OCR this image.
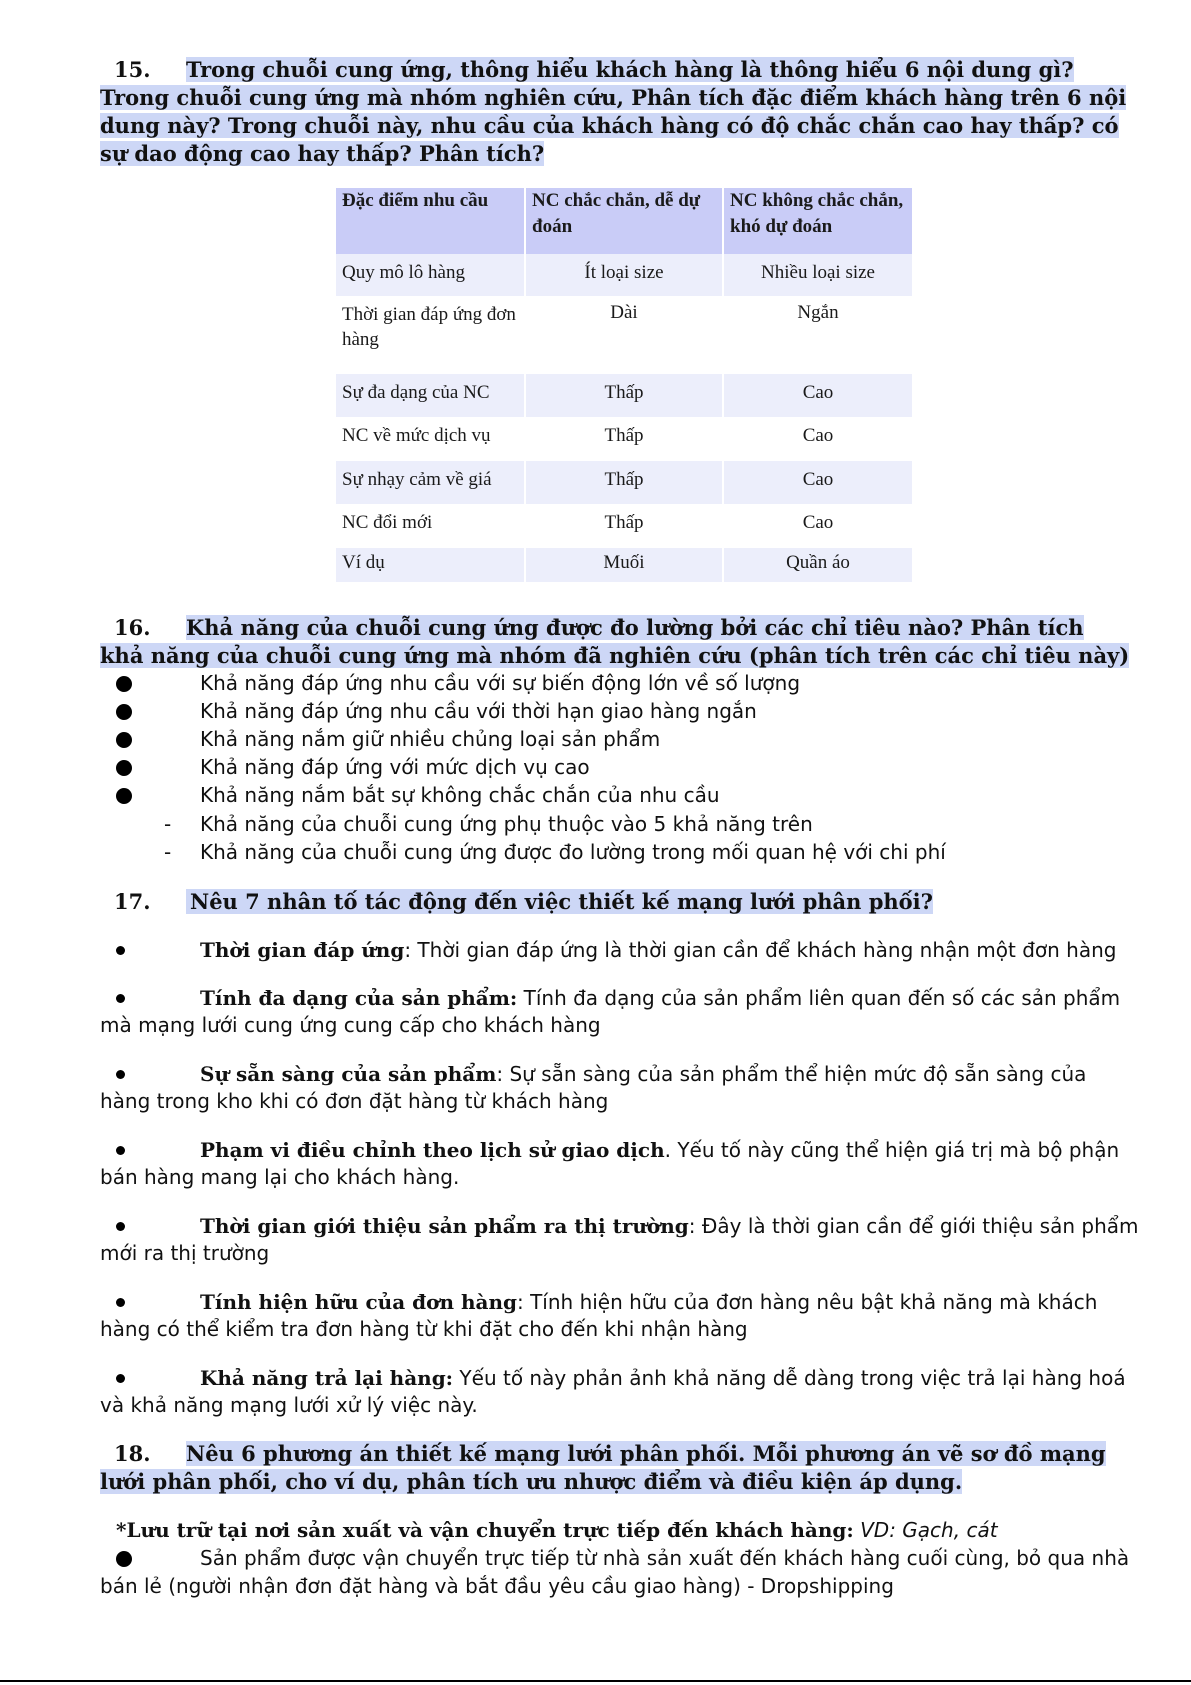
15. Trong chuỗi cung ứng, thông hiểu khách hàng là thông hiểu 6 nội dung gì? Trong chuỗi cung ứng mà nhóm nghiên cứu, Phân tích đặc điểm khách hàng trên 6 nội dung này? Trong chuỗi này, nhu cầu của khách hàng có độ chắc chắn cao hay thấp? có sự dao động cao hay thấp? Phân tích?
Đặc điểm nhu cầu	NC chắc chắn, dễ dự đoán	NC không chắc chắn, khó dự đoán
Quy mô lô hàng	Ít loại size	Nhiều loại size
Thời gian đáp ứng đơn hàng	Dài	Ngắn
Sự đa dạng của NC	Thấp	Cao
NC về mức dịch vụ	Thấp	Cao
Sự nhạy cảm về giá	Thấp	Cao
NC đổi mới	Thấp	Cao
Ví dụ	Muối	Quần áo
16. Khả năng của chuỗi cung ứng được đo lường bởi các chỉ tiêu nào? Phân tích khả năng của chuỗi cung ứng mà nhóm đã nghiên cứu (phân tích trên các chỉ tiêu này)
Khả năng đáp ứng nhu cầu với sự biến động lớn về số lượng
Khả năng đáp ứng nhu cầu với thời hạn giao hàng ngắn
Khả năng nắm giữ nhiều chủng loại sản phẩm
Khả năng đáp ứng với mức dịch vụ cao
Khả năng nắm bắt sự không chắc chắn của nhu cầu
-	Khả năng của chuỗi cung ứng phụ thuộc vào 5 khả năng trên
-	Khả năng của chuỗi cung ứng được đo lường trong mối quan hệ với chi phí
17. Nêu 7 nhân tố tác động đến việc thiết kế mạng lưới phân phối?
Thời gian đáp ứng: Thời gian đáp ứng là thời gian cần để khách hàng nhận một đơn hàng
Tính đa dạng của sản phẩm: Tính đa dạng của sản phẩm liên quan đến số các sản phẩm mà mạng lưới cung ứng cung cấp cho khách hàng
Sự sẵn sàng của sản phẩm: Sự sẵn sàng của sản phẩm thể hiện mức độ sẵn sàng của hàng trong kho khi có đơn đặt hàng từ khách hàng
Phạm vi điều chỉnh theo lịch sử giao dịch. Yếu tố này cũng thể hiện giá trị mà bộ phận bán hàng mang lại cho khách hàng.
Thời gian giới thiệu sản phẩm ra thị trường: Đây là thời gian cần để giới thiệu sản phẩm mới ra thị trường
Tính hiện hữu của đơn hàng: Tính hiện hữu của đơn hàng nêu bật khả năng mà khách hàng có thể kiểm tra đơn hàng từ khi đặt cho đến khi nhận hàng
Khả năng trả lại hàng: Yếu tố này phản ảnh khả năng dễ dàng trong việc trả lại hàng hoá và khả năng mạng lưới xử lý việc này.
18. Nêu 6 phương án thiết kế mạng lưới phân phối. Mỗi phương án vẽ sơ đồ mạng lưới phân phối, cho ví dụ, phân tích ưu nhược điểm và điều kiện áp dụng.
*Lưu trữ tại nơi sản xuất và vận chuyển trực tiếp đến khách hàng: VD: Gạch, cát
Sản phẩm được vận chuyển trực tiếp từ nhà sản xuất đến khách hàng cuối cùng, bỏ qua nhà bán lẻ (người nhận đơn đặt hàng và bắt đầu yêu cầu giao hàng) - Dropshipping
